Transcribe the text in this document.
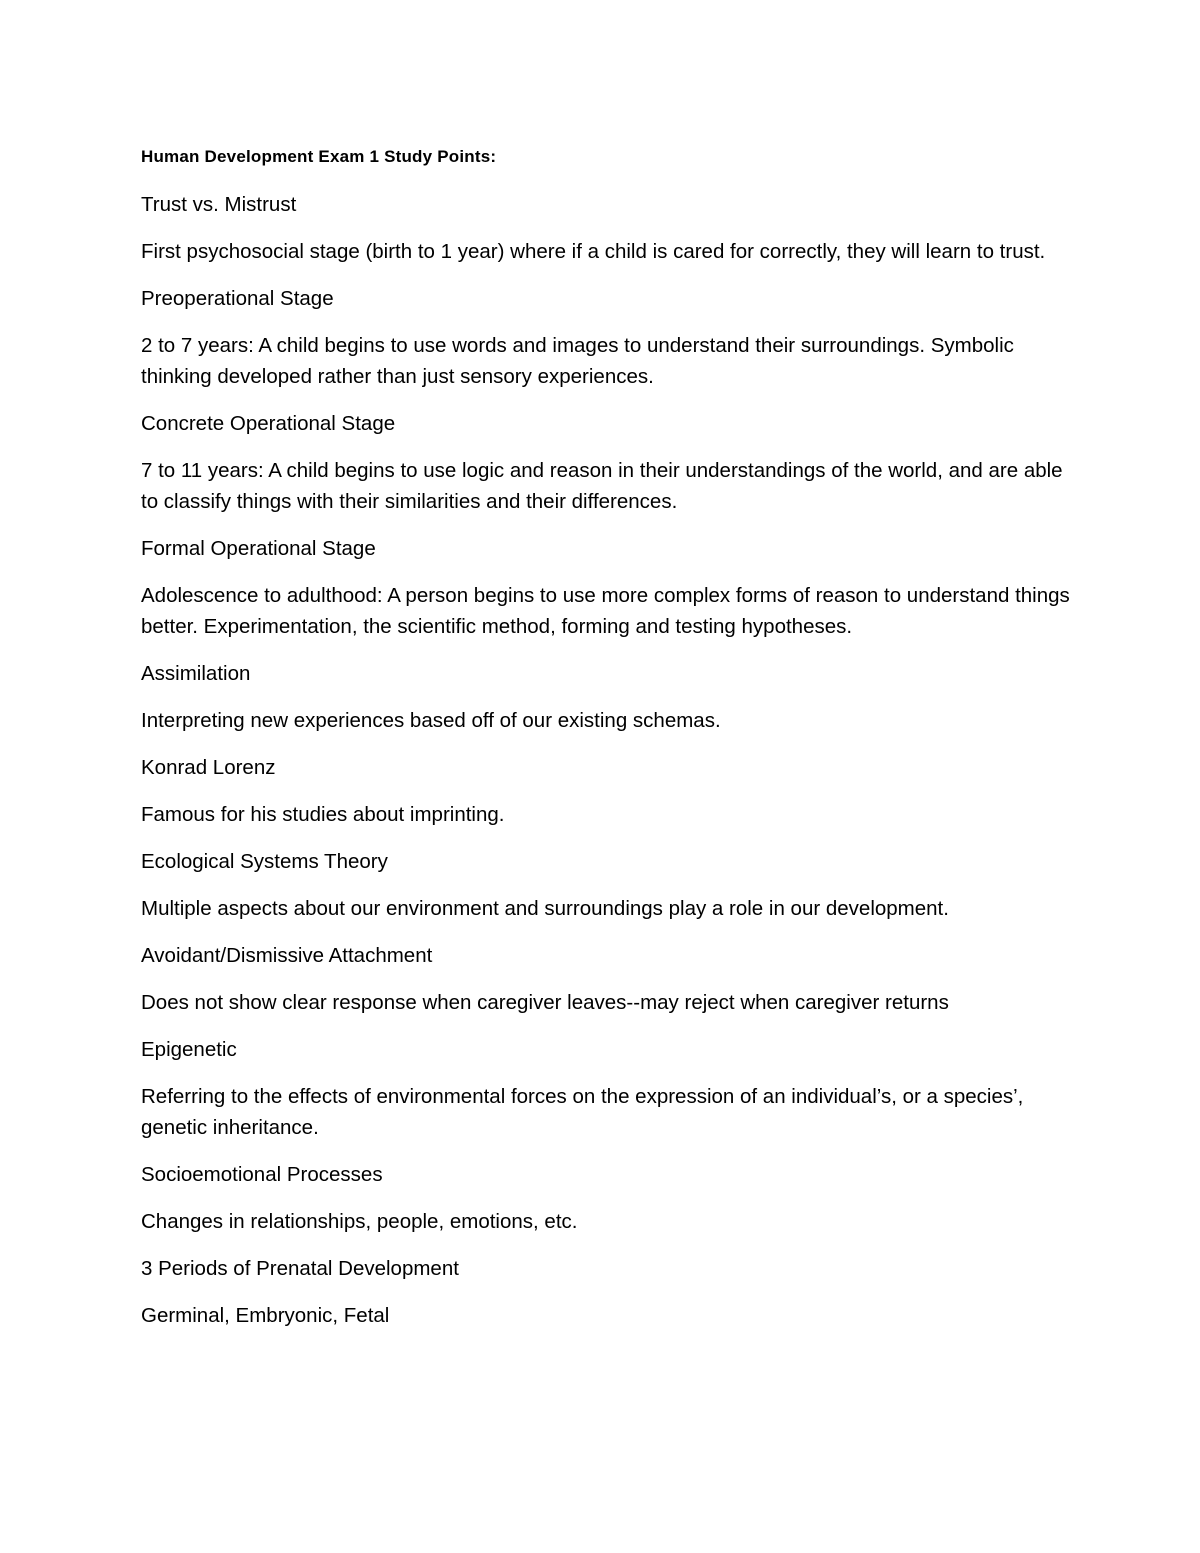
Human Development Exam 1 Study Points:

Trust vs. Mistrust

First psychosocial stage (birth to 1 year) where if a child is cared for correctly, they will learn to trust.

Preoperational Stage

2 to 7 years: A child begins to use words and images to understand their surroundings. Symbolic thinking developed rather than just sensory experiences.

Concrete Operational Stage

7 to 11 years: A child begins to use logic and reason in their understandings of the world, and are able to classify things with their similarities and their differences.

Formal Operational Stage

Adolescence to adulthood: A person begins to use more complex forms of reason to understand things better. Experimentation, the scientific method, forming and testing hypotheses.

Assimilation

Interpreting new experiences based off of our existing schemas.

Konrad Lorenz

Famous for his studies about imprinting.

Ecological Systems Theory

Multiple aspects about our environment and surroundings play a role in our development.

Avoidant/Dismissive Attachment

Does not show clear response when caregiver leaves--may reject when caregiver returns

Epigenetic

Referring to the effects of environmental forces on the expression of an individual’s, or a species’, genetic inheritance.

Socioemotional Processes

Changes in relationships, people, emotions, etc.

3 Periods of Prenatal Development

Germinal, Embryonic, Fetal
